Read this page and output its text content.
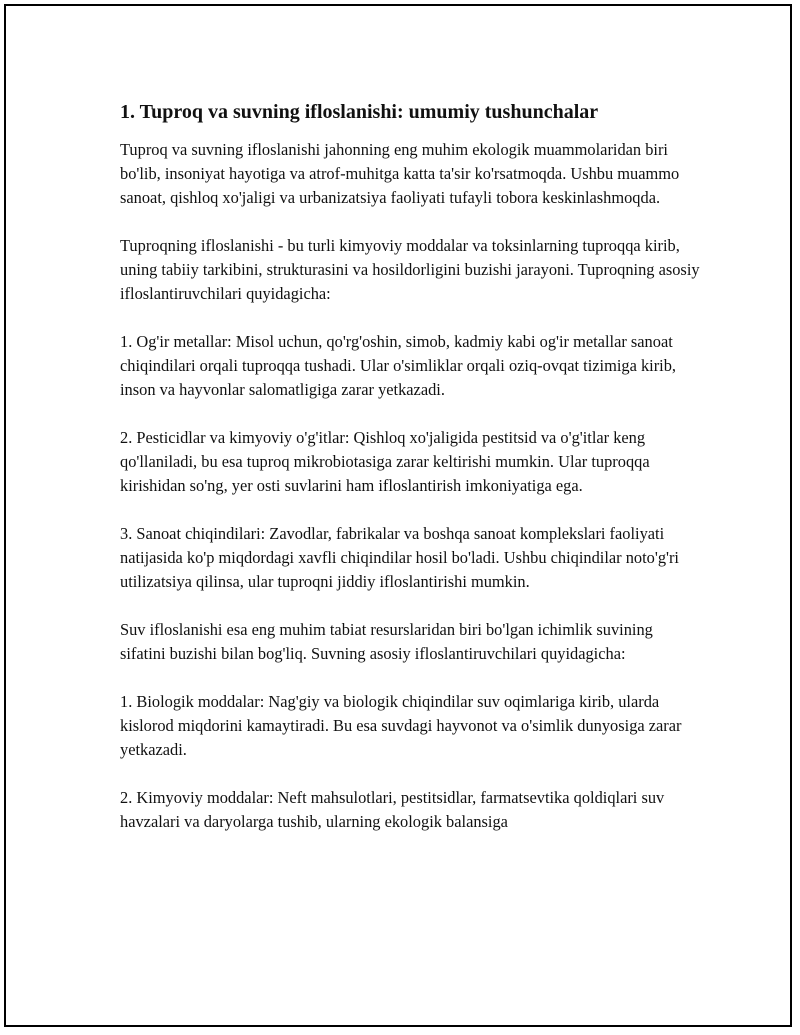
1. Tuproq va suvning ifloslanishi: umumiy tushunchalar

Tuproq va suvning ifloslanishi jahonning eng muhim ekologik muammolaridan biri bo'lib, insoniyat hayotiga va atrof-muhitga katta ta'sir ko'rsatmoqda. Ushbu muammo sanoat, qishloq xo'jaligi va urbanizatsiya faoliyati tufayli tobora keskinlashmoqda.

Tuproqning ifloslanishi - bu turli kimyoviy moddalar va toksinlarning tuproqqa kirib, uning tabiiy tarkibini, strukturasini va hosildorligini buzishi jarayoni. Tuproqning asosiy ifloslantiruvchilari quyidagicha:

1. Og'ir metallar: Misol uchun, qo'rg'oshin, simob, kadmiy kabi og'ir metallar sanoat chiqindilari orqali tuproqqa tushadi. Ular o'simliklar orqali oziq-ovqat tizimiga kirib, inson va hayvonlar salomatligiga zarar yetkazadi.

2. Pesticidlar va kimyoviy o'g'itlar: Qishloq xo'jaligida pestitsid va o'g'itlar keng qo'llaniladi, bu esa tuproq mikrobiotasiga zarar keltirishi mumkin. Ular tuproqqa kirishidan so'ng, yer osti suvlarini ham ifloslantirish imkoniyatiga ega.

3. Sanoat chiqindilari: Zavodlar, fabrikalar va boshqa sanoat komplekslari faoliyati natijasida ko'p miqdordagi xavfli chiqindilar hosil bo'ladi. Ushbu chiqindilar noto'g'ri utilizatsiya qilinsa, ular tuproqni jiddiy ifloslantirishi mumkin.

Suv ifloslanishi esa eng muhim tabiat resurslaridan biri bo'lgan ichimlik suvining sifatini buzishi bilan bog'liq. Suvning asosiy ifloslantiruvchilari quyidagicha:

1. Biologik moddalar: Nag'giy va biologik chiqindilar suv oqimlariga kirib, ularda kislorod miqdorini kamaytiradi. Bu esa suvdagi hayvonot va o'simlik dunyosiga zarar yetkazadi.

2. Kimyoviy moddalar: Neft mahsulotlari, pestitsidlar, farmatsevtika qoldiqlari suv havzalari va daryolarga tushib, ularning ekologik balansiga
